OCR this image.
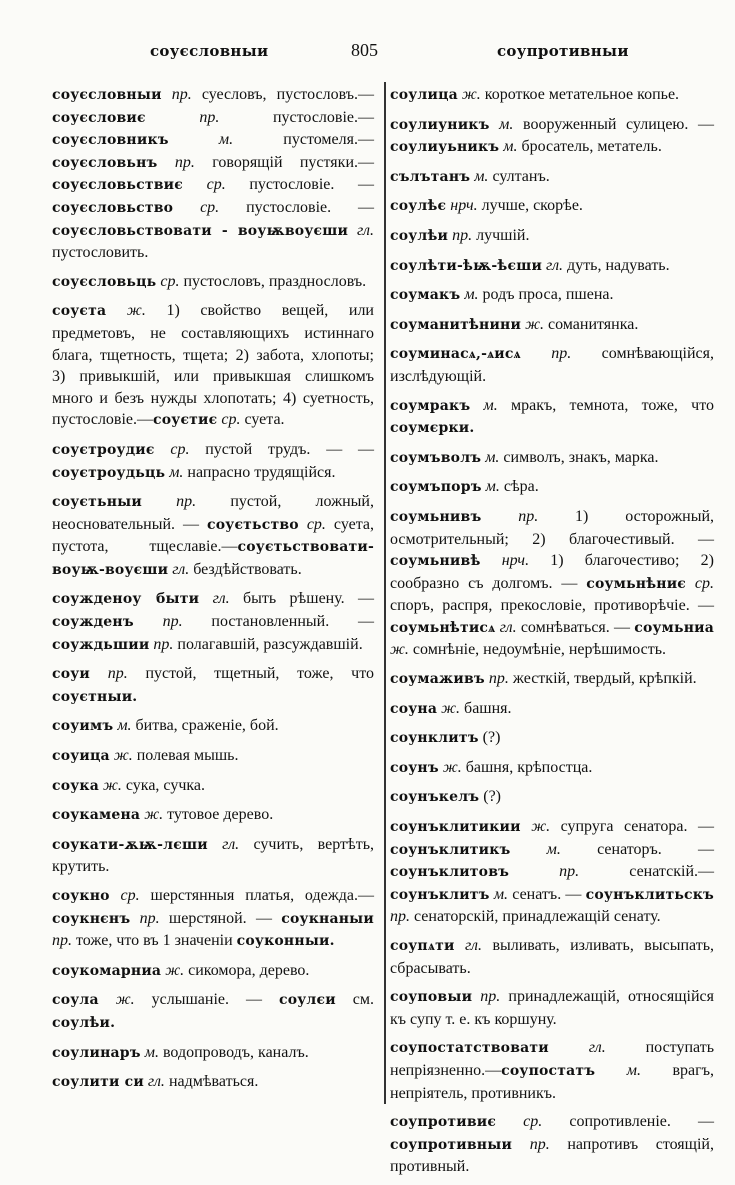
соуєсловныи	805	соупротивныи

соуєсловныи пр. суесловъ, пустословъ.—соуєсловиє пр. пустословіе.—соуєсловникъ м. пустомеля.—соуєсловьнъ пр. говорящій пустяки.—соуєсловьствиє ср. пустословіе. — соуєсловьство ср. пустословіе. — соуєсловьствовати - воуѭвоуєши гл. пустословить.

соуєсловьць ср. пустословъ, празднословъ.

соуєта ж. 1) свойство вещей, или предметовъ, не составляющихъ истиннаго блага, тщетность, тщета; 2) забота, хлопоты; 3) привыкшій, или привыкшая слишкомъ много и безъ нужды хлопотать; 4) суетность, пустословіе.—соуєтиє ср. суета.

соуєтроудиє ср. пустой трудъ. — —соуєтроудьць м. напрасно трудящійся.

соуєтьныи пр. пустой, ложный, неосновательный. — соуєтьство ср. суета, пустота, тщеславіе.—соуєтьствовати-воуѭ-воуєши гл. бездѣйствовать.

соужденоу быти гл. быть рѣшену. — соужденъ пр. постановленный. — соуждьшии пр. полагавшій, разсуждавшій.

соуи пр. пустой, тщетный, тоже, что соуєтныи.

соуимъ м. битва, сраженіе, бой.

соуица ж. полевая мышь.

соука ж. сука, сучка.

соукамена ж. тутовое дерево.

соукати-ѫѭ-лєши гл. сучить, вертѣть, крутить.

соукно ср. шерстянныя платья, одежда.—соукнєнъ пр. шерстяной. — соукнаныи пр. тоже, что въ 1 значеніи соуконныи.

соукомарниа ж. сикомора, дерево.

соула ж. услышаніе. — соулєи см. соулѣи.

соулинаръ м. водопроводъ, каналъ.

соулити си гл. надмѣваться.

соулица ж. короткое метательное копье.

соулиуникъ м. вооруженный сулицею. — соулиуьникъ м. бросатель, метатель.

сълътанъ м. султанъ.

соулѣє нрч. лучше, скорѣе.

соулѣи пр. лучшій.

соулѣти-ѣѭ-ѣєши гл. дуть, надувать.

соумакъ м. родъ проса, пшена.

соуманитѣнини ж. соманитянка.

соуминасѧ,-ѧисѧ пр. сомнѣвающійся, изслѣдующій.

соумракъ м. мракъ, темнота, тоже, что соумєрки.

соумъволъ м. символъ, знакъ, марка.

соумъпоръ м. сѣра.

соумьнивъ пр. 1) осторожный, осмотрительный; 2) благочестивый. — соумьнивѣ нрч. 1) благочестиво; 2) сообразно съ долгомъ. — соумьнѣниє ср. споръ, распря, прекословіе, противорѣчіе. — соумьнѣтисѧ гл. сомнѣваться. — соумьниа ж. сомнѣніе, недоумѣніе, нерѣшимость.

соумаживъ пр. жесткій, твердый, крѣпкій.

соуна ж. башня.

соунклитъ (?)

соунъ ж. башня, крѣпостца.

соунъкелъ (?)

соунъклитикии ж. супруга сенатора. — соунъклитикъ м. сенаторъ. — соунъклитовъ пр. сенатскій.— соунъклитъ м. сенатъ. — соунъклитьскъ пр. сенаторскій, принадлежащій сенату.

соупѧти гл. выливать, изливать, высыпать, сбрасывать.

соуповыи пр. принадлежащій, относящійся къ супу т. е. къ коршуну.

соупостатствовати гл. поступать непріязненно.—соупостатъ м. врагъ, непріятель, противникъ.

соупротивиє ср. сопротивленіе. — соупротивныи пр. напротивъ стоящій, противный.
